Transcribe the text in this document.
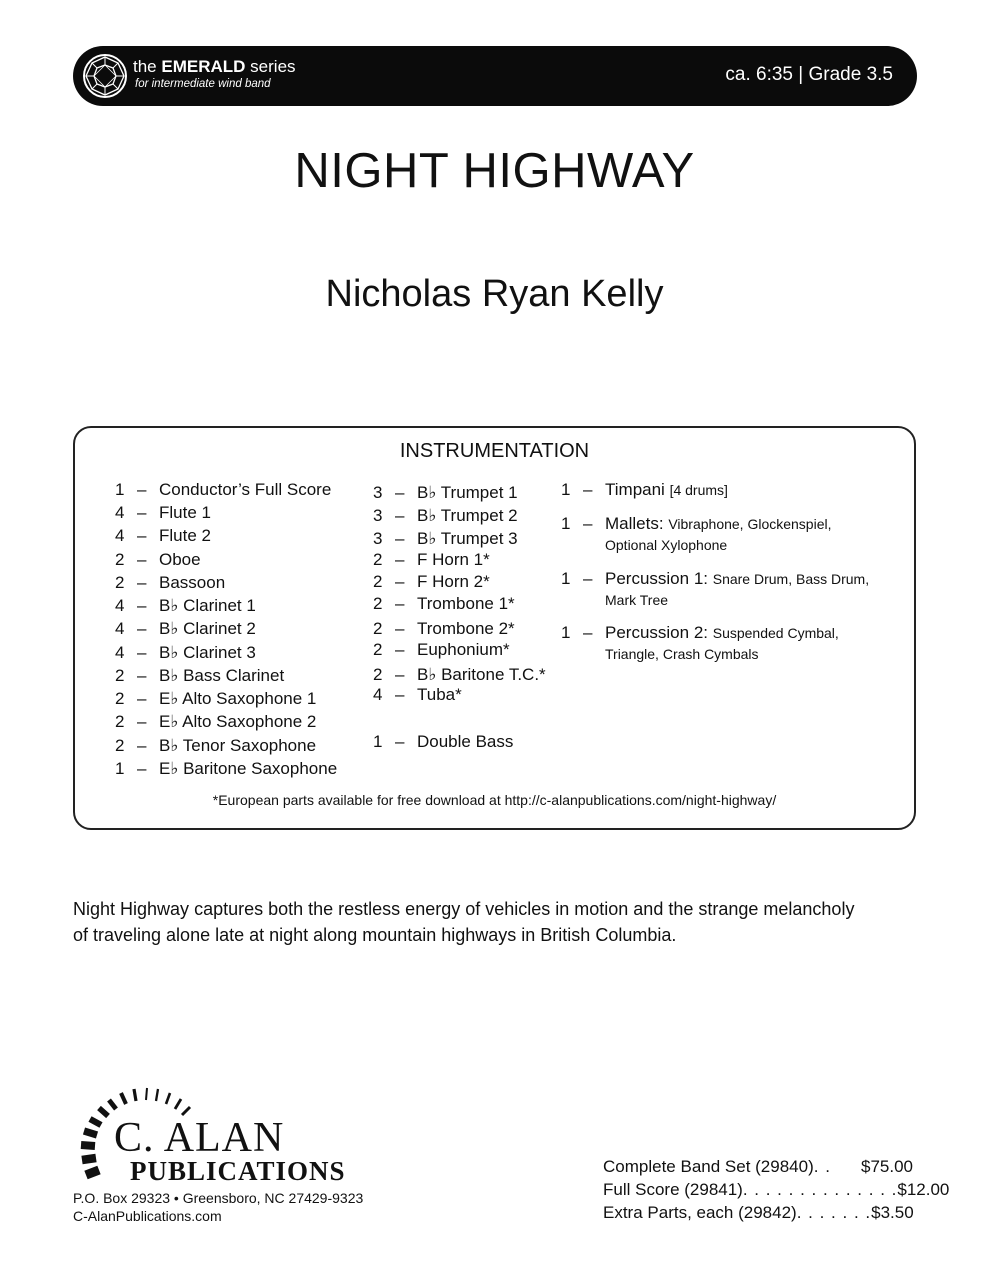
the EMERALD series
for intermediate wind band	ca. 6:35 | Grade 3.5
NIGHT HIGHWAY
Nicholas Ryan Kelly
INSTRUMENTATION
1 – Conductor’s Full Score
4 – Flute 1
4 – Flute 2
2 – Oboe
2 – Bassoon
4 – B♭ Clarinet 1
4 – B♭ Clarinet 2
4 – B♭ Clarinet 3
2 – B♭ Bass Clarinet
2 – E♭ Alto Saxophone 1
2 – E♭ Alto Saxophone 2
2 – B♭ Tenor Saxophone
1 – E♭ Baritone Saxophone
3 – B♭ Trumpet 1
3 – B♭ Trumpet 2
3 – B♭ Trumpet 3
2 – F Horn 1*
2 – F Horn 2*
2 – Trombone 1*
2 – Trombone 2*
2 – Euphonium*
2 – B♭ Baritone T.C.*
4 – Tuba*
1 – Double Bass
1 – Timpani [4 drums]
1 – Mallets: Vibraphone, Glockenspiel,
Optional Xylophone
1 – Percussion 1: Snare Drum, Bass Drum,
Mark Tree
1 – Percussion 2: Suspended Cymbal,
Triangle, Crash Cymbals
*European parts available for free download at http://c-alanpublications.com/night-highway/
Night Highway captures both the restless energy of vehicles in motion and the strange melancholy
of traveling alone late at night along mountain highways in British Columbia.
C. ALAN
PUBLICATIONS
P.O. Box 29323 • Greensboro, NC 27429-9323
C-AlanPublications.com
Complete Band Set (29840) . .	$75.00
Full Score (29841) . . . . . . . . . . . . . . $12.00
Extra Parts, each (29842) . . . . . . . $3.50
